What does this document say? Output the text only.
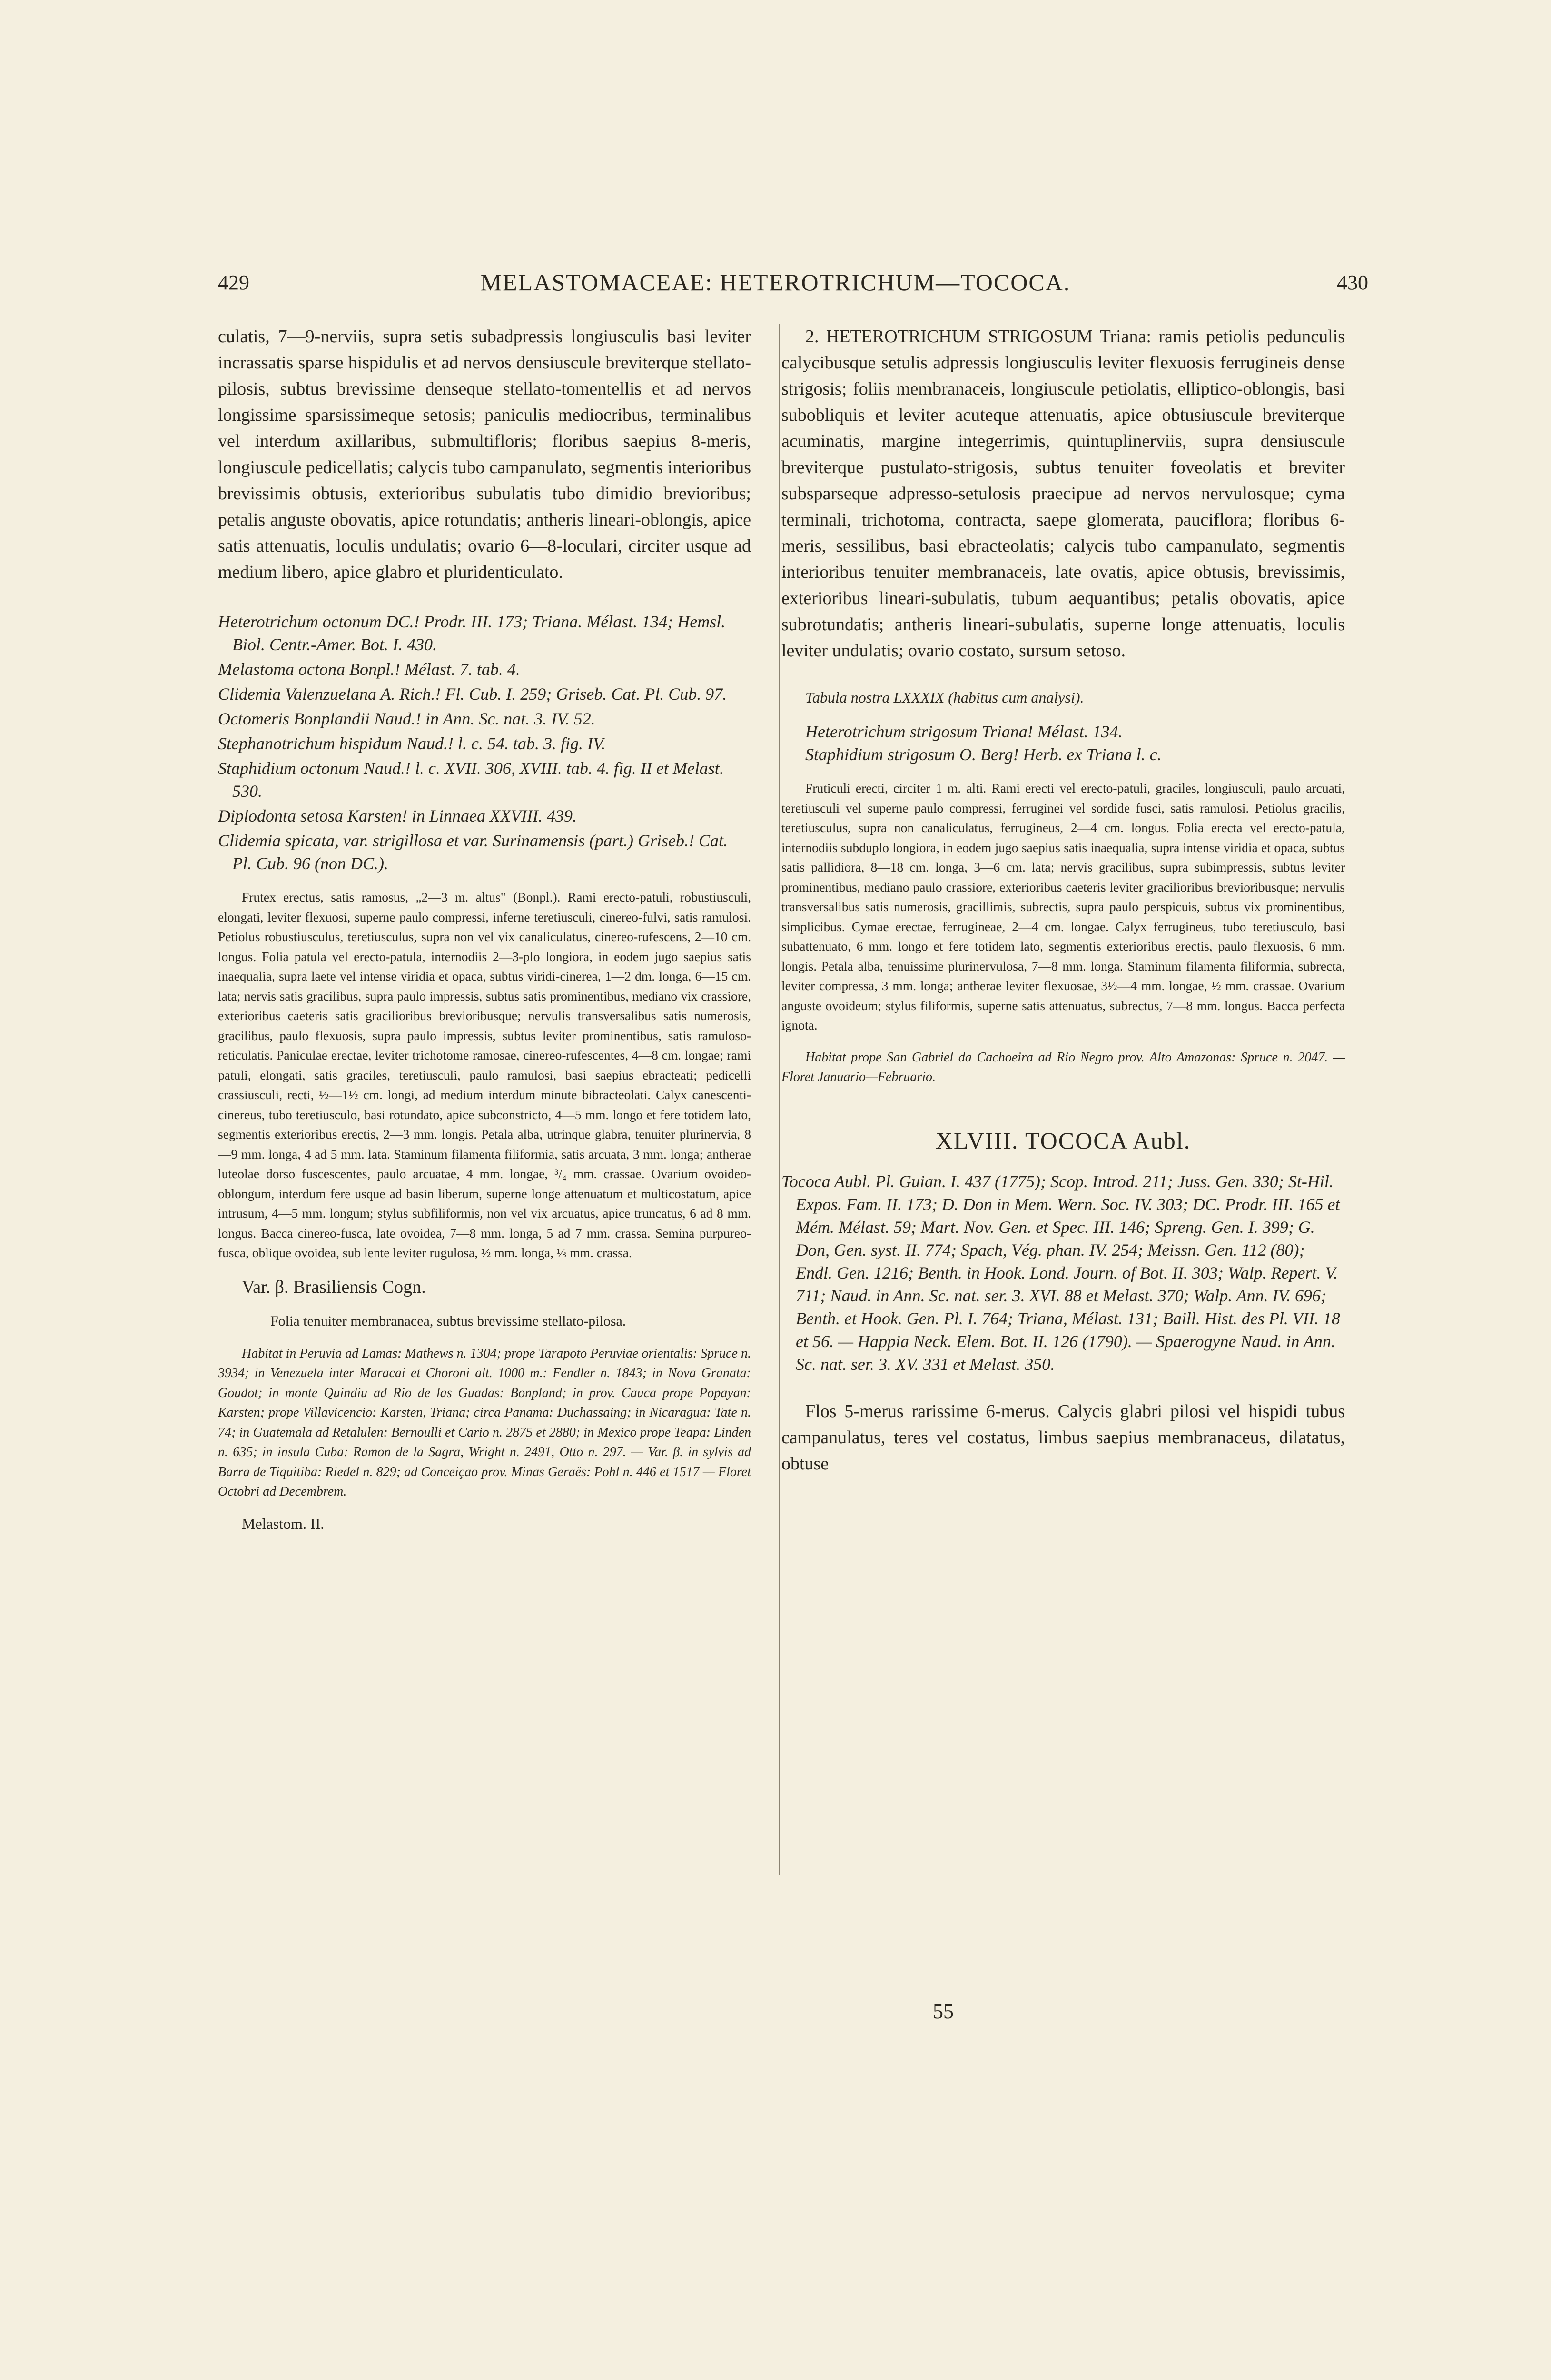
429	MELASTOMACEAE: HETEROTRICHUM—TOCOCA.	430

culatis, 7—9-nerviis, supra setis subadpressis longiusculis basi leviter incrassatis sparse hispidulis et ad nervos densiuscule breviterque stellato-pilosis, subtus brevissime denseque stellato-tomentellis et ad nervos longissime sparsissimeque setosis; paniculis mediocribus, terminalibus vel interdum axillaribus, submultifloris; floribus saepius 8-meris, longiuscule pedicellatis; calycis tubo campanulato, segmentis interioribus brevissimis obtusis, exterioribus subulatis tubo dimidio brevioribus; petalis anguste obovatis, apice rotundatis; antheris lineari-oblongis, apice satis attenuatis, loculis undulatis; ovario 6—8-loculari, circiter usque ad medium libero, apice glabro et pluridenticulato.

Heterotrichum octonum DC.! Prodr. III. 173; Triana. Mélast. 134; Hemsl. Biol. Centr.-Amer. Bot. I. 430.

Melastoma octona Bonpl.! Mélast. 7. tab. 4.

Clidemia Valenzuelana A. Rich.! Fl. Cub. I. 259; Griseb. Cat. Pl. Cub. 97.

Octomeris Bonplandii Naud.! in Ann. Sc. nat. 3. IV. 52.

Stephanotrichum hispidum Naud.! l. c. 54. tab. 3. fig. IV.

Staphidium octonum Naud.! l. c. XVII. 306, XVIII. tab. 4. fig. II et Melast. 530.

Diplodonta setosa Karsten! in Linnaea XXVIII. 439.

Clidemia spicata, var. strigillosa et var. Surinamensis (part.) Griseb.! Cat. Pl. Cub. 96 (non DC.).

Frutex erectus, satis ramosus, „2—3 m. altus" (Bonpl.). Rami erecto-patuli, robustiusculi, elongati, leviter flexuosi, superne paulo compressi, inferne teretiusculi, cinereo-fulvi, satis ramulosi. Petiolus robustiusculus, teretiusculus, supra non vel vix canaliculatus, cinereo-rufescens, 2—10 cm. longus. Folia patula vel erecto-patula, internodiis 2—3-plo longiora, in eodem jugo saepius satis inaequalia, supra laete vel intense viridia et opaca, subtus viridi-cinerea, 1—2 dm. longa, 6—15 cm. lata; nervis satis gracilibus, supra paulo impressis, subtus satis prominentibus, mediano vix crassiore, exterioribus caeteris satis gracilioribus brevioribusque; nervulis transversalibus satis numerosis, gracilibus, paulo flexuosis, supra paulo impressis, subtus leviter prominentibus, satis ramuloso-reticulatis. Paniculae erectae, leviter trichotome ramosae, cinereo-rufescentes, 4—8 cm. longae; rami patuli, elongati, satis graciles, teretiusculi, paulo ramulosi, basi saepius ebracteati; pedicelli crassiusculi, recti, ½—1½ cm. longi, ad medium interdum minute bibracteolati. Calyx canescenti-cinereus, tubo teretiusculo, basi rotundato, apice subconstricto, 4—5 mm. longo et fere totidem lato, segmentis exterioribus erectis, 2—3 mm. longis. Petala alba, utrinque glabra, tenuiter plurinervia, 8—9 mm. longa, 4 ad 5 mm. lata. Staminum filamenta filiformia, satis arcuata, 3 mm. longa; antherae luteolae dorso fuscescentes, paulo arcuatae, 4 mm. longae, ³/₄ mm. crassae. Ovarium ovoideo-oblongum, interdum fere usque ad basin liberum, superne longe attenuatum et multicostatum, apice intrusum, 4—5 mm. longum; stylus subfiliformis, non vel vix arcuatus, apice truncatus, 6 ad 8 mm. longus. Bacca cinereo-fusca, late ovoidea, 7—8 mm. longa, 5 ad 7 mm. crassa. Semina purpureo-fusca, oblique ovoidea, sub lente leviter rugulosa, ½ mm. longa, ⅓ mm. crassa.

Var. β. Brasiliensis Cogn.

Folia tenuiter membranacea, subtus brevissime stellato-pilosa.

Habitat in Peruvia ad Lamas: Mathews n. 1304; prope Tarapoto Peruviae orientalis: Spruce n. 3934; in Venezuela inter Maracai et Choroni alt. 1000 m.: Fendler n. 1843; in Nova Granata: Goudot; in monte Quindiu ad Rio de las Guadas: Bonpland; in prov. Cauca prope Popayan: Karsten; prope Villavicencio: Karsten, Triana; circa Panama: Duchassaing; in Nicaragua: Tate n. 74; in Guatemala ad Retalulen: Bernoulli et Cario n. 2875 et 2880; in Mexico prope Teapa: Linden n. 635; in insula Cuba: Ramon de la Sagra, Wright n. 2491, Otto n. 297. — Var. β. in sylvis ad Barra de Tiquitiba: Riedel n. 829; ad Conceiçao prov. Minas Geraës: Pohl n. 446 et 1517 — Floret Octobri ad Decembrem.

Melastom. II.

2. HETEROTRICHUM STRIGOSUM Triana: ramis petiolis pedunculis calycibusque setulis adpressis longiusculis leviter flexuosis ferrugineis dense strigosis; foliis membranaceis, longiuscule petiolatis, elliptico-oblongis, basi subobliquis et leviter acuteque attenuatis, apice obtusiuscule breviterque acuminatis, margine integerrimis, quintuplinerviis, supra densiuscule breviterque pustulato-strigosis, subtus tenuiter foveolatis et breviter subsparseque adpresso-setulosis praecipue ad nervos nervulosque; cyma terminali, trichotoma, contracta, saepe glomerata, pauciflora; floribus 6-meris, sessilibus, basi ebracteolatis; calycis tubo campanulato, segmentis interioribus tenuiter membranaceis, late ovatis, apice obtusis, brevissimis, exterioribus lineari-subulatis, tubum aequantibus; petalis obovatis, apice subrotundatis; antheris lineari-subulatis, superne longe attenuatis, loculis leviter undulatis; ovario costato, sursum setoso.

Tabula nostra LXXXIX (habitus cum analysi).

Heterotrichum strigosum Triana! Mélast. 134.

Staphidium strigosum O. Berg! Herb. ex Triana l. c.

Fruticuli erecti, circiter 1 m. alti. Rami erecti vel erecto-patuli, graciles, longiusculi, paulo arcuati, teretiusculi vel superne paulo compressi, ferruginei vel sordide fusci, satis ramulosi. Petiolus gracilis, teretiusculus, supra non canaliculatus, ferrugineus, 2—4 cm. longus. Folia erecta vel erecto-patula, internodiis subduplo longiora, in eodem jugo saepius satis inaequalia, supra intense viridia et opaca, subtus satis pallidiora, 8—18 cm. longa, 3—6 cm. lata; nervis gracilibus, supra subimpressis, subtus leviter prominentibus, mediano paulo crassiore, exterioribus caeteris leviter gracilioribus brevioribusque; nervulis transversalibus satis numerosis, gracillimis, subrectis, supra paulo perspicuis, subtus vix prominentibus, simplicibus. Cymae erectae, ferrugineae, 2—4 cm. longae. Calyx ferrugineus, tubo teretiusculo, basi subattenuato, 6 mm. longo et fere totidem lato, segmentis exterioribus erectis, paulo flexuosis, 6 mm. longis. Petala alba, tenuissime plurinervulosa, 7—8 mm. longa. Staminum filamenta filiformia, subrecta, leviter compressa, 3 mm. longa; antherae leviter flexuosae, 3½—4 mm. longae, ½ mm. crassae. Ovarium anguste ovoideum; stylus filiformis, superne satis attenuatus, subrectus, 7—8 mm. longus. Bacca perfecta ignota.

Habitat prope San Gabriel da Cachoeira ad Rio Negro prov. Alto Amazonas: Spruce n. 2047. — Floret Januario—Februario.

XLVIII. TOCOCA Aubl.

Tococa Aubl. Pl. Guian. I. 437 (1775); Scop. Introd. 211; Juss. Gen. 330; St-Hil. Expos. Fam. II. 173; D. Don in Mem. Wern. Soc. IV. 303; DC. Prodr. III. 165 et Mém. Mélast. 59; Mart. Nov. Gen. et Spec. III. 146; Spreng. Gen. I. 399; G. Don, Gen. syst. II. 774; Spach, Vég. phan. IV. 254; Meissn. Gen. 112 (80); Endl. Gen. 1216; Benth. in Hook. Lond. Journ. of Bot. II. 303; Walp. Repert. V. 711; Naud. in Ann. Sc. nat. ser. 3. XVI. 88 et Melast. 370; Walp. Ann. IV. 696; Benth. et Hook. Gen. Pl. I. 764; Triana, Mélast. 131; Baill. Hist. des Pl. VII. 18 et 56. — Happia Neck. Elem. Bot. II. 126 (1790). — Spaerogyne Naud. in Ann. Sc. nat. ser. 3. XV. 331 et Melast. 350.

Flos 5-merus rarissime 6-merus. Calycis glabri pilosi vel hispidi tubus campanulatus, teres vel costatus, limbus saepius membranaceus, dilatatus, obtuse

55
